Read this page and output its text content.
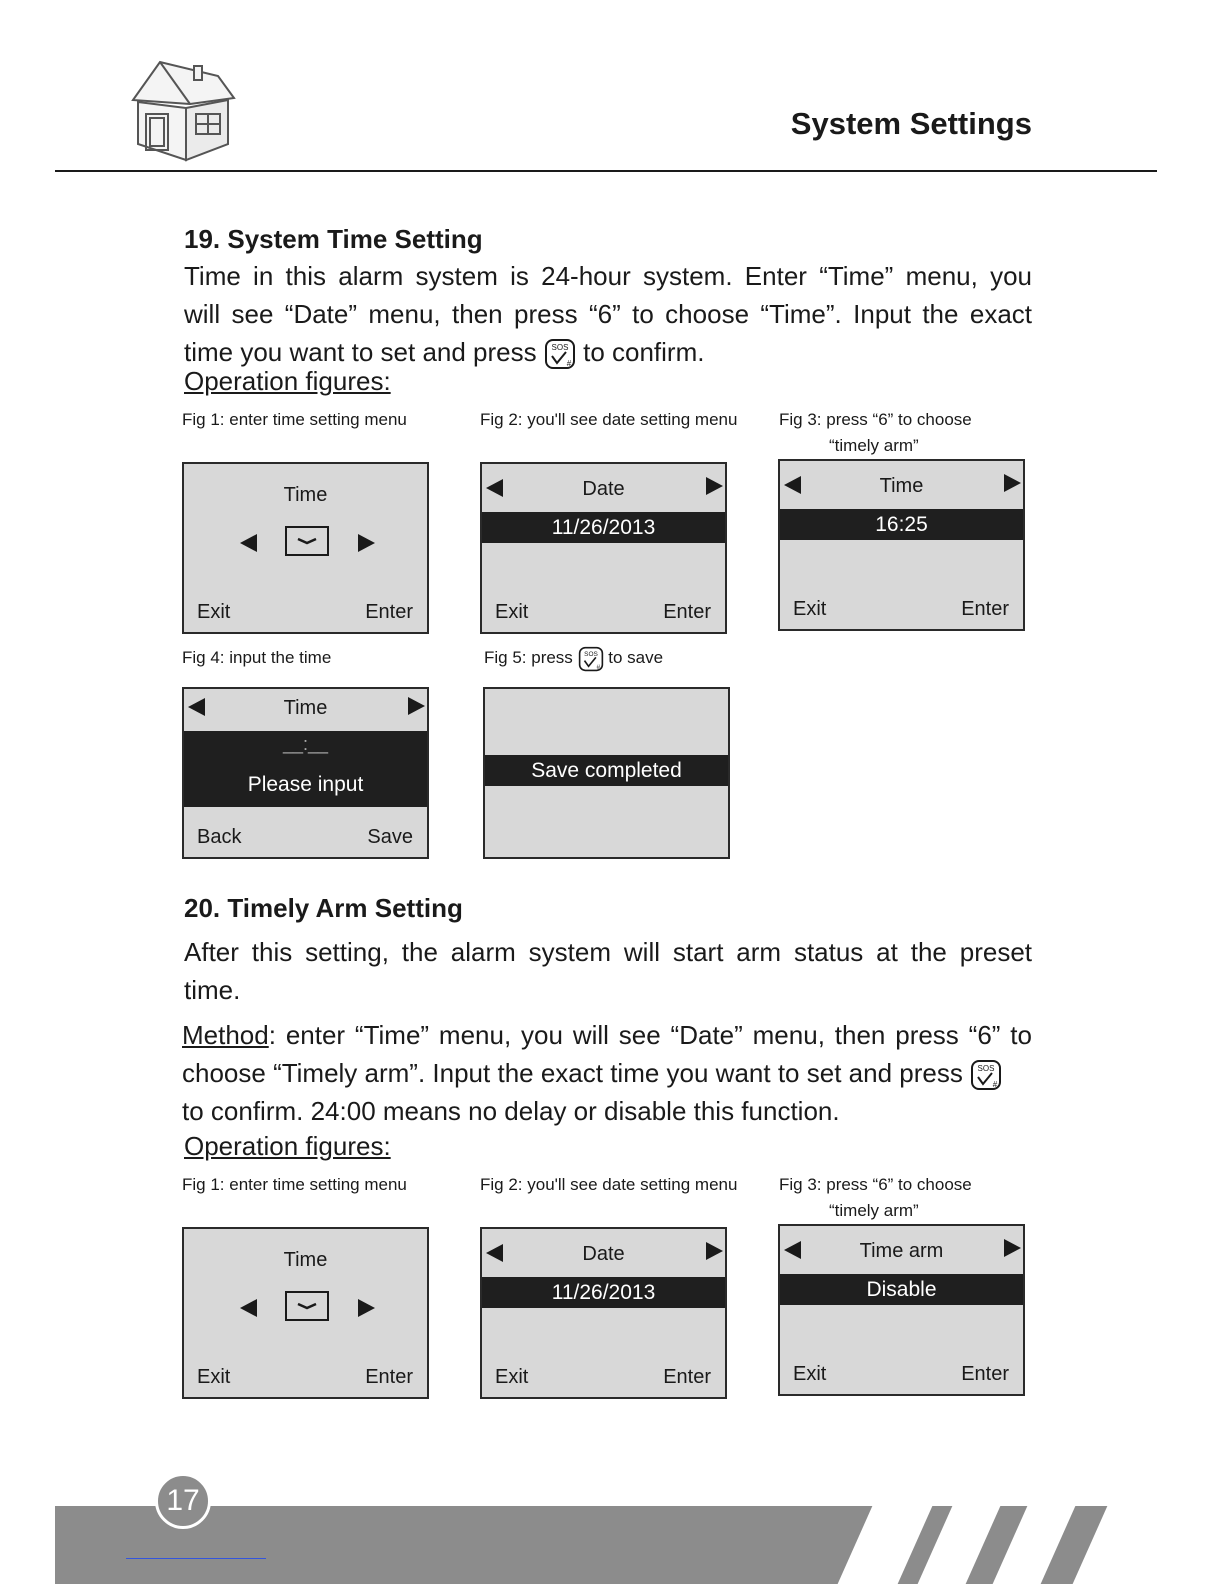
System Settings
19. System Time Setting
Time in this alarm system is 24-hour system. Enter “Time” menu, you
will see “Date” menu, then press “6” to choose “Time”. Input the exact
time you want to set and press SOS
# to confirm.
Operation figures:
Fig 1: enter time setting menu	Fig 2: you'll see date setting menu Fig 3: press “6” to choose
“timely arm”
Time
Exit	Enter
Date
11/26/2013
Exit	Enter
Time
16:25
Exit	Enter
Fig 4: input the time	Fig 5: press SOS
# to save
Time
__:__
Please input
Back	Save
Save completed
20. Timely Arm Setting
After this setting, the alarm system will start arm status at the preset
time.
Method: enter “Time” menu, you will see “Date” menu, then press “6” to
choose “Timely arm”. Input the exact time you want to set and press SOS
#
to confirm. 24:00 means no delay or disable this function.
Operation figures:
Fig 1: enter time setting menu	Fig 2: you'll see date setting menu Fig 3: press “6” to choose
“timely arm”
Time
Exit	Enter
Date
11/26/2013
Exit	Enter
Time arm
Disable
Exit	Enter
17
